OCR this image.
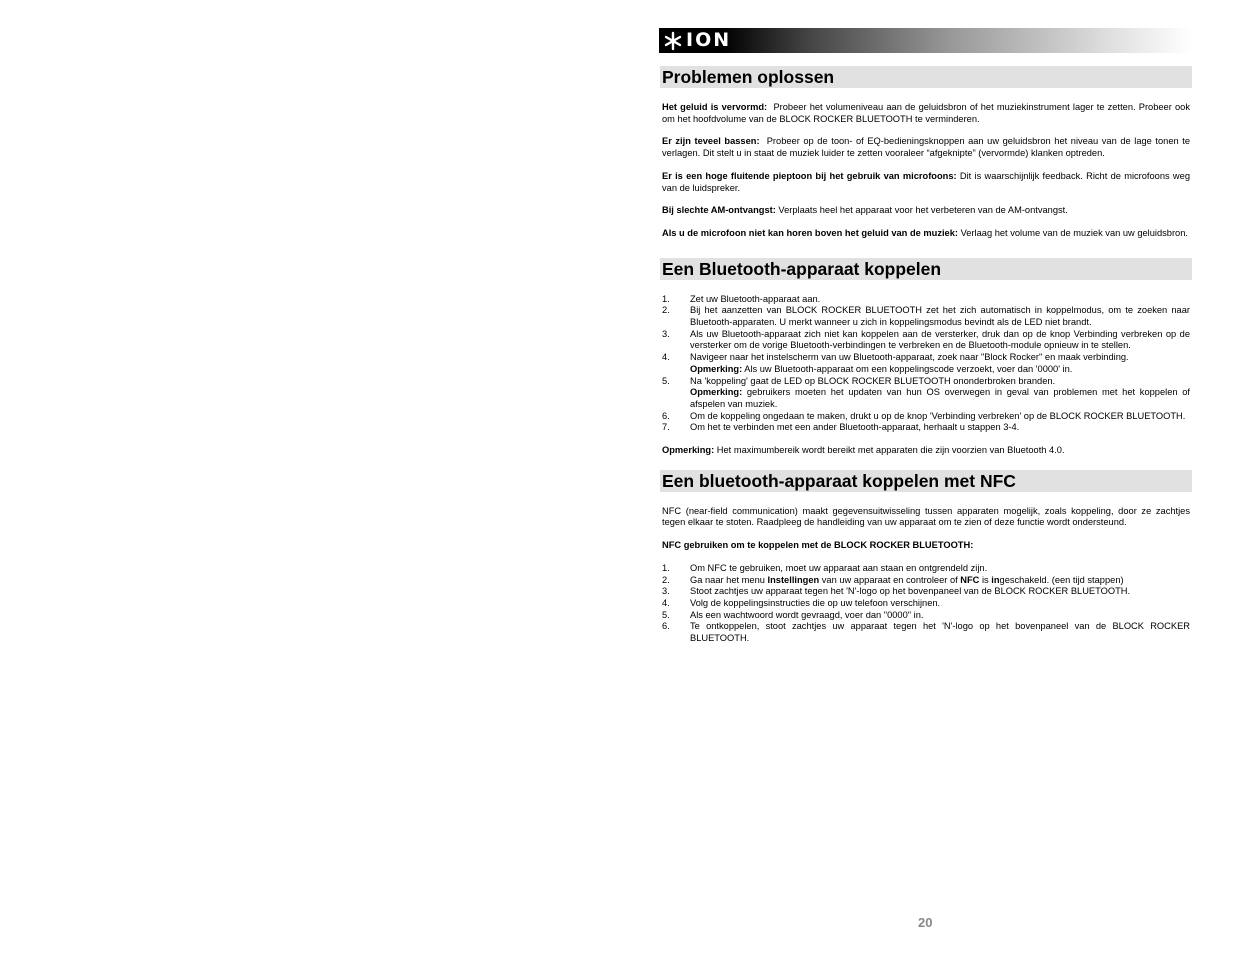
ION
Problemen oplossen

Het geluid is vervormd: Probeer het volumeniveau aan de geluidsbron of het muziekinstrument lager te zetten. Probeer ook om het hoofdvolume van de BLOCK ROCKER BLUETOOTH te verminderen.

Er zijn teveel bassen: Probeer op de toon- of EQ-bedieningsknoppen aan uw geluidsbron het niveau van de lage tonen te verlagen. Dit stelt u in staat de muziek luider te zetten vooraleer “afgeknipte” (vervormde) klanken optreden.

Er is een hoge fluitende pieptoon bij het gebruik van microfoons: Dit is waarschijnlijk feedback. Richt de microfoons weg van de luidspreker.

Bij slechte AM-ontvangst: Verplaats heel het apparaat voor het verbeteren van de AM-ontvangst.

Als u de microfoon niet kan horen boven het geluid van de muziek: Verlaag het volume van de muziek van uw geluidsbron.

Een Bluetooth-apparaat koppelen
1.	Zet uw Bluetooth-apparaat aan.
2.	Bij het aanzetten van BLOCK ROCKER BLUETOOTH zet het zich automatisch in koppelmodus, om te zoeken naar Bluetooth-apparaten. U merkt wanneer u zich in koppelingsmodus bevindt als de LED niet brandt.
3.	Als uw Bluetooth-apparaat zich niet kan koppelen aan de versterker, druk dan op de knop Verbinding verbreken op de versterker om de vorige Bluetooth-verbindingen te verbreken en de Bluetooth-module opnieuw in te stellen.
4.	Navigeer naar het instelscherm van uw Bluetooth-apparaat, zoek naar "Block Rocker" en maak verbinding.
Opmerking: Als uw Bluetooth-apparaat om een koppelingscode verzoekt, voer dan '0000' in.
5.	Na 'koppeling' gaat de LED op BLOCK ROCKER BLUETOOTH ononderbroken branden.
Opmerking: gebruikers moeten het updaten van hun OS overwegen in geval van problemen met het koppelen of afspelen van muziek.
6.	Om de koppeling ongedaan te maken, drukt u op de knop 'Verbinding verbreken' op de BLOCK ROCKER BLUETOOTH.
7.	Om het te verbinden met een ander Bluetooth-apparaat, herhaalt u stappen 3-4.

Opmerking: Het maximumbereik wordt bereikt met apparaten die zijn voorzien van Bluetooth 4.0.

Een bluetooth-apparaat koppelen met NFC

NFC (near-field communication) maakt gegevensuitwisseling tussen apparaten mogelijk, zoals koppeling, door ze zachtjes tegen elkaar te stoten. Raadpleeg de handleiding van uw apparaat om te zien of deze functie wordt ondersteund.

NFC gebruiken om te koppelen met de BLOCK ROCKER BLUETOOTH:

1.	Om NFC te gebruiken, moet uw apparaat aan staan en ontgrendeld zijn.
2.	Ga naar het menu Instellingen van uw apparaat en controleer of NFC is ingeschakeld. (een tijd stappen)
3.	Stoot zachtjes uw apparaat tegen het 'N'-logo op het bovenpaneel van de BLOCK ROCKER BLUETOOTH.
4.	Volg de koppelingsinstructies die op uw telefoon verschijnen.
5.	Als een wachtwoord wordt gevraagd, voer dan "0000" in.
6.	Te ontkoppelen, stoot zachtjes uw apparaat tegen het 'N'-logo op het bovenpaneel van de BLOCK ROCKER BLUETOOTH.
20
